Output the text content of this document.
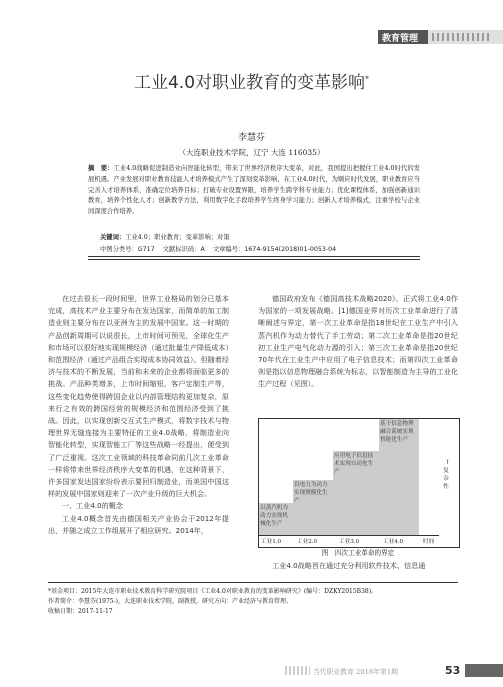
教育管理
工业4.0对职业教育的变革影响*
李慧芬
（大连职业技术学院，辽宁 大连 116035）
摘　要：工业4.0战略促进制造业向智能化转型，带来了世界经济秩序大变革，对此，我国提出把握住工业4.0时代的发展机遇。产业发展对职业教育技能人才培养模式产生了深刻变革影响，在工业4.0时代，为顺应时代发展，职业教育应当完善人才培养体系，准确定位培养目标；打破专业设置界限，培养学生跨学科专业能力；优化课程体系，加强创新通识教育，培养个性化人才；创新教学方法，利用数字化手段培养学生终身学习能力；创新人才培养模式，注重学校与企业间深度合作培养。
关键词：工业4.0；职业教育；变革影响；对策
中图分类号：G717 文献标识码：A 文章编号：1674-9154(2018)01-0053-04

在过去很长一段时间里，世界工业格局的划分已基本完成，高技术产业主要分布在发达国家，而简单的加工制造业则主要分布在以亚洲为主的发展中国家。这一时期的产品创新周期可以说很长，上市时间可预见，全球化生产和市场可以很好地实现规模经济（通过批量生产降低成本）和范围经济（通过产品组合实现成本协同效益）。但随着经济与技术的不断发展，当前和未来的企业都将面临更多的挑战。产品种类增多，上市时间缩短，客户定制生产等，这些变化趋势使得跨国企业以内部管理结构更加复杂，原来行之有效的跨国经营的规模经济和范围经济受到了挑战。因此，以实现创新交互式生产模式，将数字技术与物理世界无缝连接为主要特征的工业4.0战略，将制造业向智能化转型，实现智能工厂等这些战略一经提出，便受到了广泛重视。这次工业领域的科技革命同前几次工业革命一样将带来世界经济秩序大变革的机遇，在这种背景下，许多国家发达国家纷纷表示要回归制造业，而美国中国这样的发展中国家则迎来了一次产业升级的巨大机会。

一、工业4.0的概念

工业4.0概念首先由德国相关产业协会于2012年提出，并随之成立工作组展开了相应研究。2014年，

德国政府发布《德国高技术战略2020》，正式将工业4.0作为国家的一项发展战略。[1]德国业界对历次工业革命进行了清晰阐述与界定，第一次工业革命是指18世纪在工业生产中引入蒸汽机作为动力替代了手工劳动；第二次工业革命是指20世纪初工业生产电气化动力源的引入；第三次工业革命是指20世纪70年代在工业生产中应用了电子信息技术；而第四次工业革命则是指以信息物理融合系统为标志，以智能制造为主导的工业化生产过程（见图）。

以蒸汽机为动力实现机械化生产
以电力为动力实现规模化生产
应用电子信息技术实现自动化生产
基于信息物理融合系统实现智能化生产
工业1.0	工业2.0	工业3.0	工业4.0	时间
↑
复杂性
图　四次工业革命的界定
　　工业4.0战略旨在通过充分利用软件技术、信息通
*基金项目：2015年大连市职业技术教育科学研究院项目《工业4.0对职业教育的变革影响研究》(编号：DZKY2015B38)。
作者简介：李慧芬(1975-)，大连职业技术学院，副教授，研究方向：产业经济与教育管理。
收稿日期：2017-11-17
当代职业教育 2018年第1期	53
